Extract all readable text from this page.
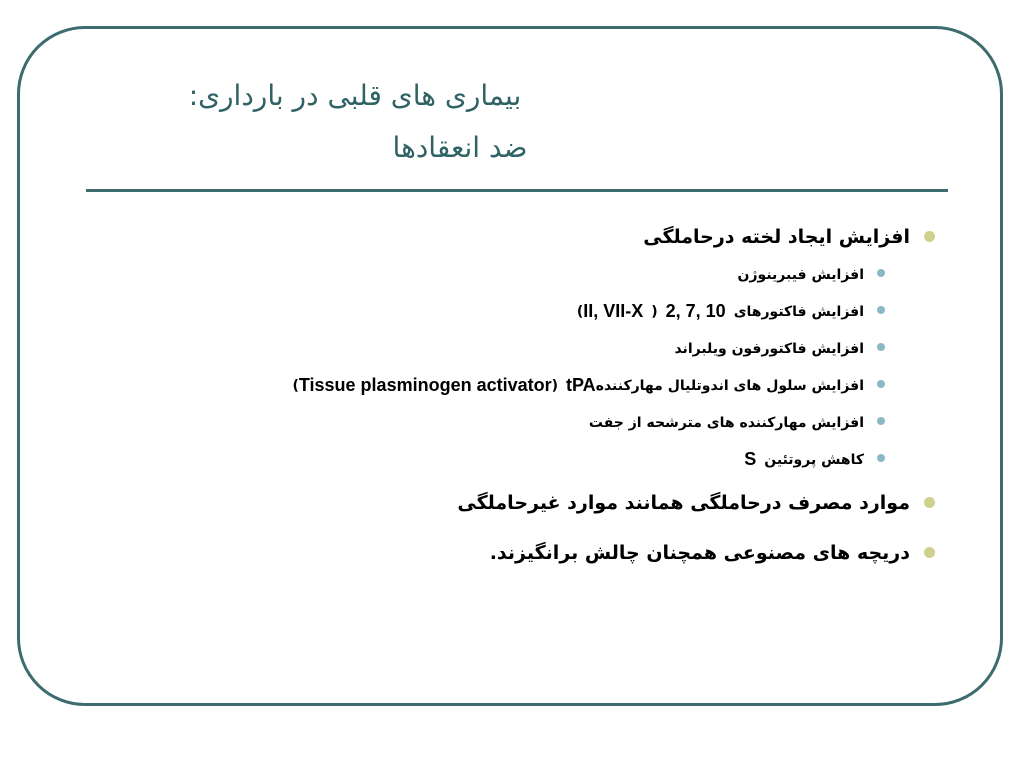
بیماری های قلبی در بارداری:
ضد انعقادها
افزایش ایجاد لخته درحاملگی
افزایش فیبرینوژن
افزایش فاکتورهای
2, 7, 10
(
II, VII-X
)
افزایش فاکتورفون ویلبراند
افزایش سلول های اندوتلیال مهارکننده
tPA
(
Tissue plasminogen activator
)
افزایش مهارکننده های مترشحه از جفت
کاهش پروتئین
S
موارد مصرف درحاملگی همانند موارد غیرحاملگی
دریچه های مصنوعی همچنان چالش برانگیزند.
